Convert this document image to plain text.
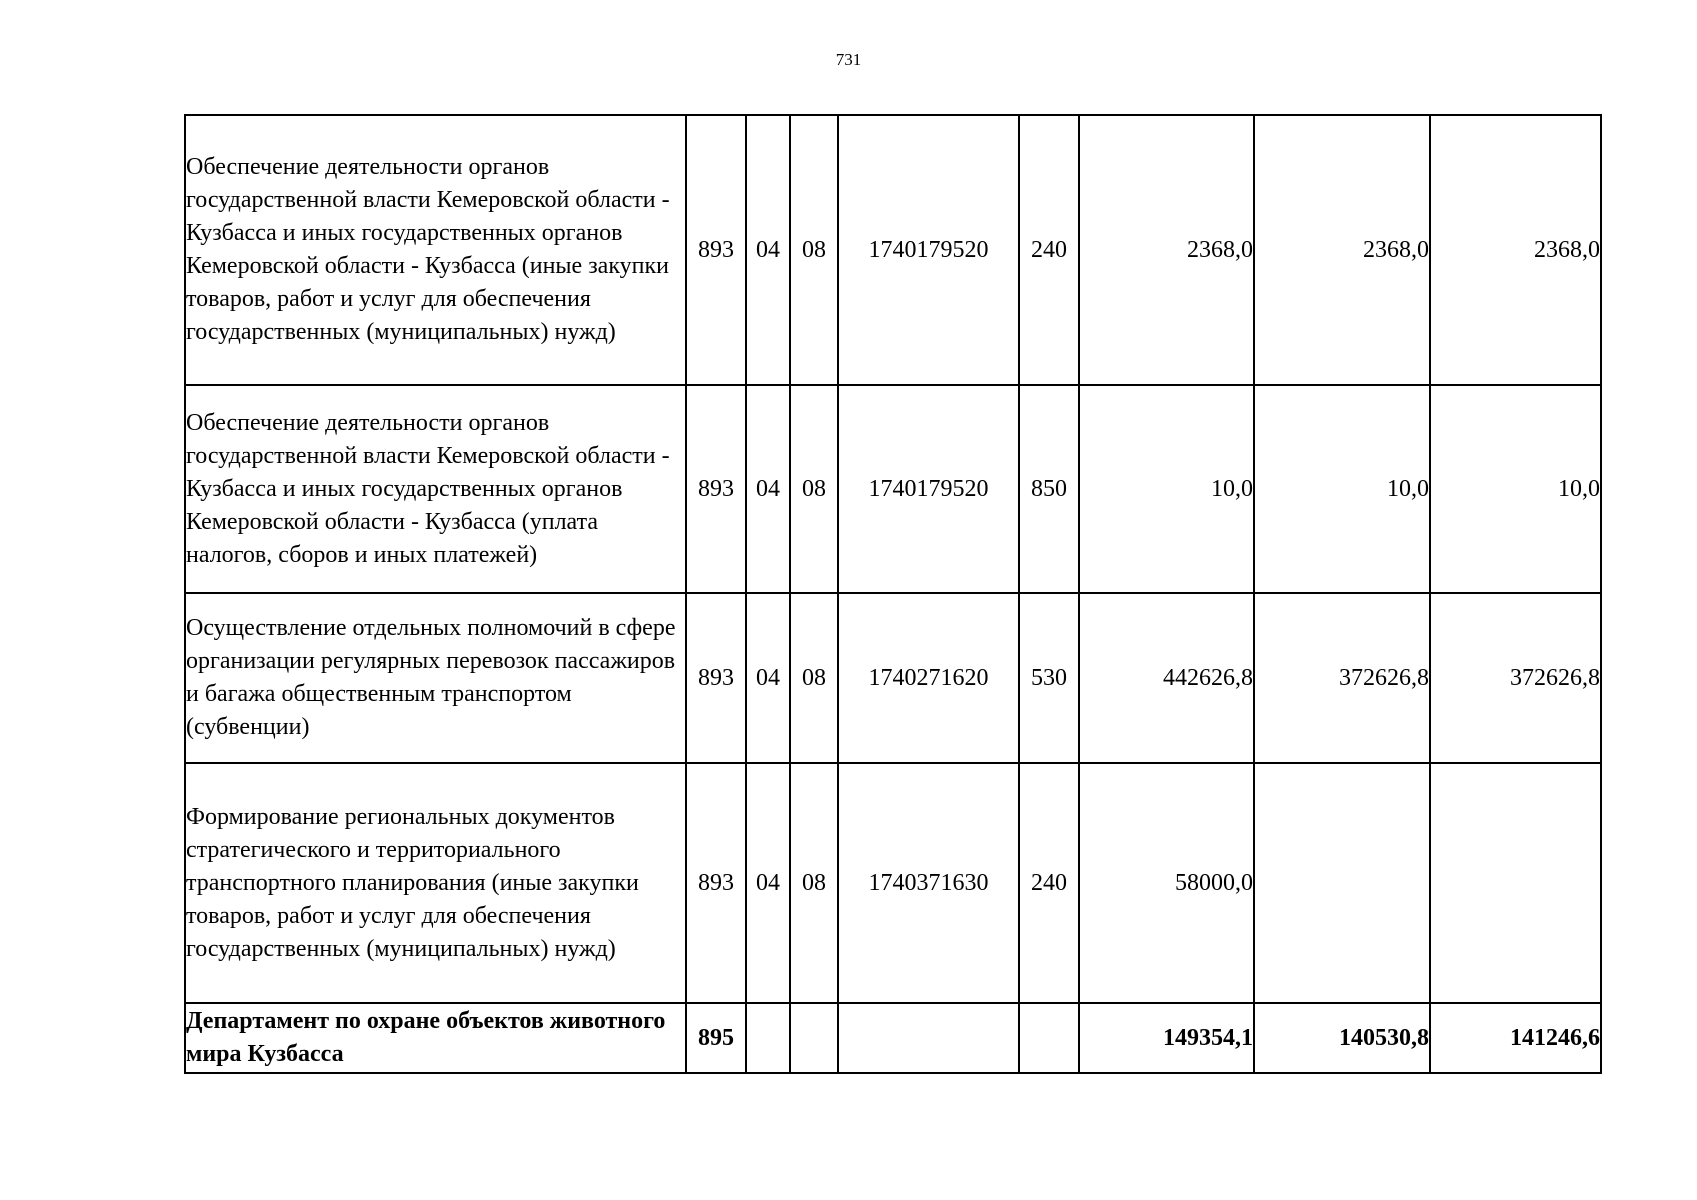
731
Обеспечение деятельности органов государственной власти Кемеровской области - Кузбасса и иных государственных органов Кемеровской области - Кузбасса (иные закупки товаров, работ и услуг для обеспечения государственных (муниципальных) нужд)	893	04	08	1740179520	240	2368,0	2368,0	2368,0
Обеспечение деятельности органов государственной власти Кемеровской области - Кузбасса и иных государственных органов Кемеровской области - Кузбасса (уплата налогов, сборов и иных платежей)	893	04	08	1740179520	850	10,0	10,0	10,0
Осуществление отдельных полномочий в сфере организации регулярных перевозок пассажиров и багажа общественным транспортом (субвенции)	893	04	08	1740271620	530	442626,8	372626,8	372626,8
Формирование региональных документов стратегического и территориального транспортного планирования (иные закупки товаров, работ и услуг для обеспечения государственных (муниципальных) нужд)	893	04	08	1740371630	240	58000,0		
Департамент по охране объектов животного мира Кузбасса	895					149354,1	140530,8	141246,6
